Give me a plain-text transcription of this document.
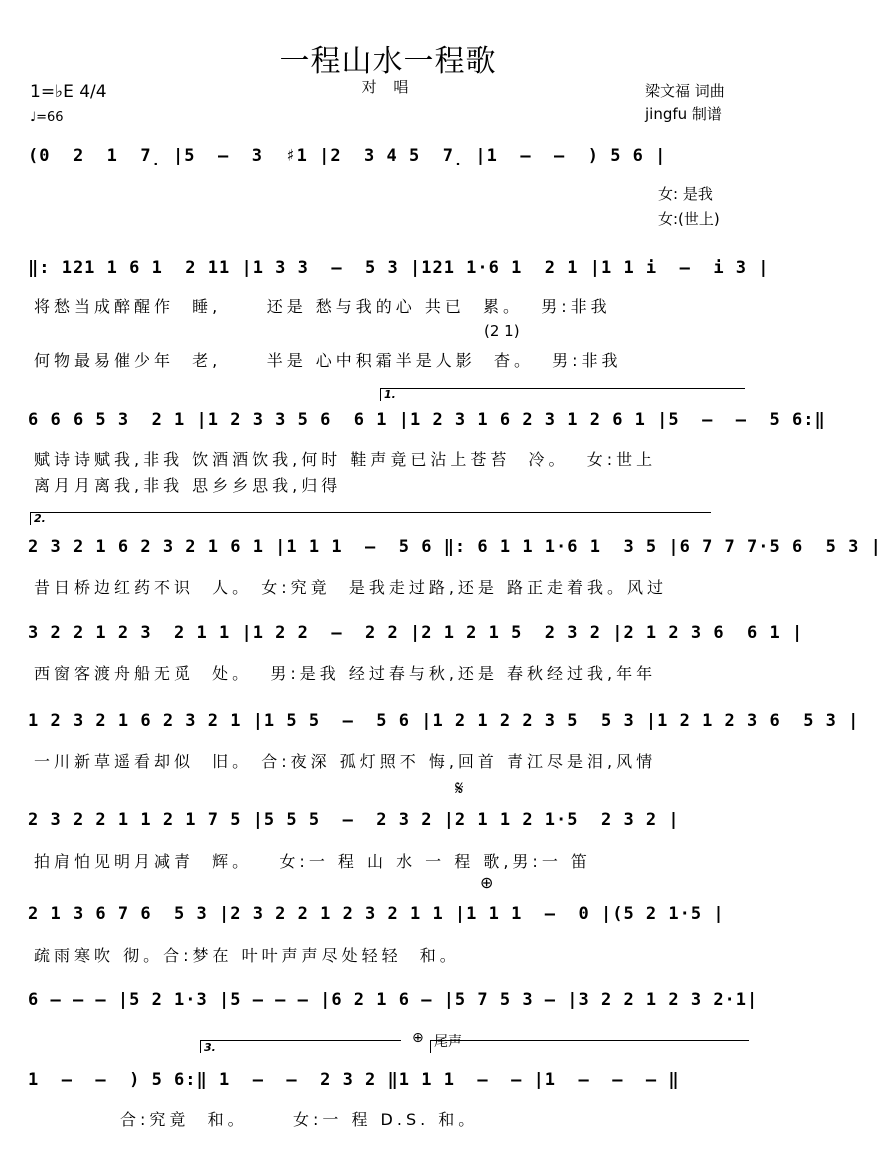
一程山水一程歌
对 唱
1=♭E 4/4
♩=66
梁文福 词曲
jingfu 制谱
(0  2  1  7̣ |5  –  3  ♯1 |2  3 4 5  7̣ |1  –  –  ) 5 6 |
女: 是我
女:(世上)
‖: 121 1 6 1  2 11 |1 3 3  –  5 3 |121 1·6 1  2 1 |1 1 i  –  i 3 |
将愁当成醉醒作  睡,     还是 愁与我的心 共已  累。  男:非我
何物最易催少年  老,     半是 心中积霜半是人影  杳。  男:非我
(2 1)
1.
6 6 6 5 3  2 1 |1 2 3 3 5 6  6 1 |1 2 3 1 6 2 3 1 2 6 1 |5  –  –  5 6:‖
赋诗诗赋我,非我 饮酒酒饮我,何时 鞋声竟已沾上苍苔  冷。  女:世上
离月月离我,非我 思乡乡思我,归得
2.
2 3 2 1 6 2 3 2 1 6 1 |1 1 1  –  5 6 ‖: 6 1 1 1·6 1  3 5 |6 7 7 7·5 6  5 3 |
昔日桥边红药不识  人。 女:究竟  是我走过路,还是 路正走着我。风过
3 2 2 1 2 3  2 1 1 |1 2 2  –  2 2 |2 1 2 1 5  2 3 2 |2 1 2 3 6  6 1 |
西窗客渡舟船无觅  处。  男:是我 经过春与秋,还是 春秋经过我,年年
1 2 3 2 1 6 2 3 2 1 |1 5 5  –  5 6 |1 2 1 2 2 3 5  5 3 |1 2 1 2 3 6  5 3 |
一川新草遥看却似  旧。 合:夜深 孤灯照不 悔,回首 青江尽是泪,风情
𝄋
2 3 2 2 1 1 2 1 7 5 |5 5 5  –  2 3 2 |2 1 1 2 1·5  2 3 2 |
拍肩怕见明月减青  辉。   女:一 程 山 水 一 程 歌,男:一 笛
⊕
2 1 3 6 7 6  5 3 |2 3 2 2 1 2 3 2 1 1 |1 1 1  –  0 |(5 2 1·5 |
疏雨寒吹 彻。合:梦在 叶叶声声尽处轻轻  和。
6 – – – |5 2 1·3 |5 – – – |6 2 1 6 – |5 7 5 3 – |3 2 2 1 2 3 2·1|
3.
⊕ 尾声
1  –  –  ) 5 6:‖ 1  –  –  2 3 2 ‖1 1 1  –  – |1  –  –  – ‖
合:究竟  和。     女:一 程 D.S. 和。
